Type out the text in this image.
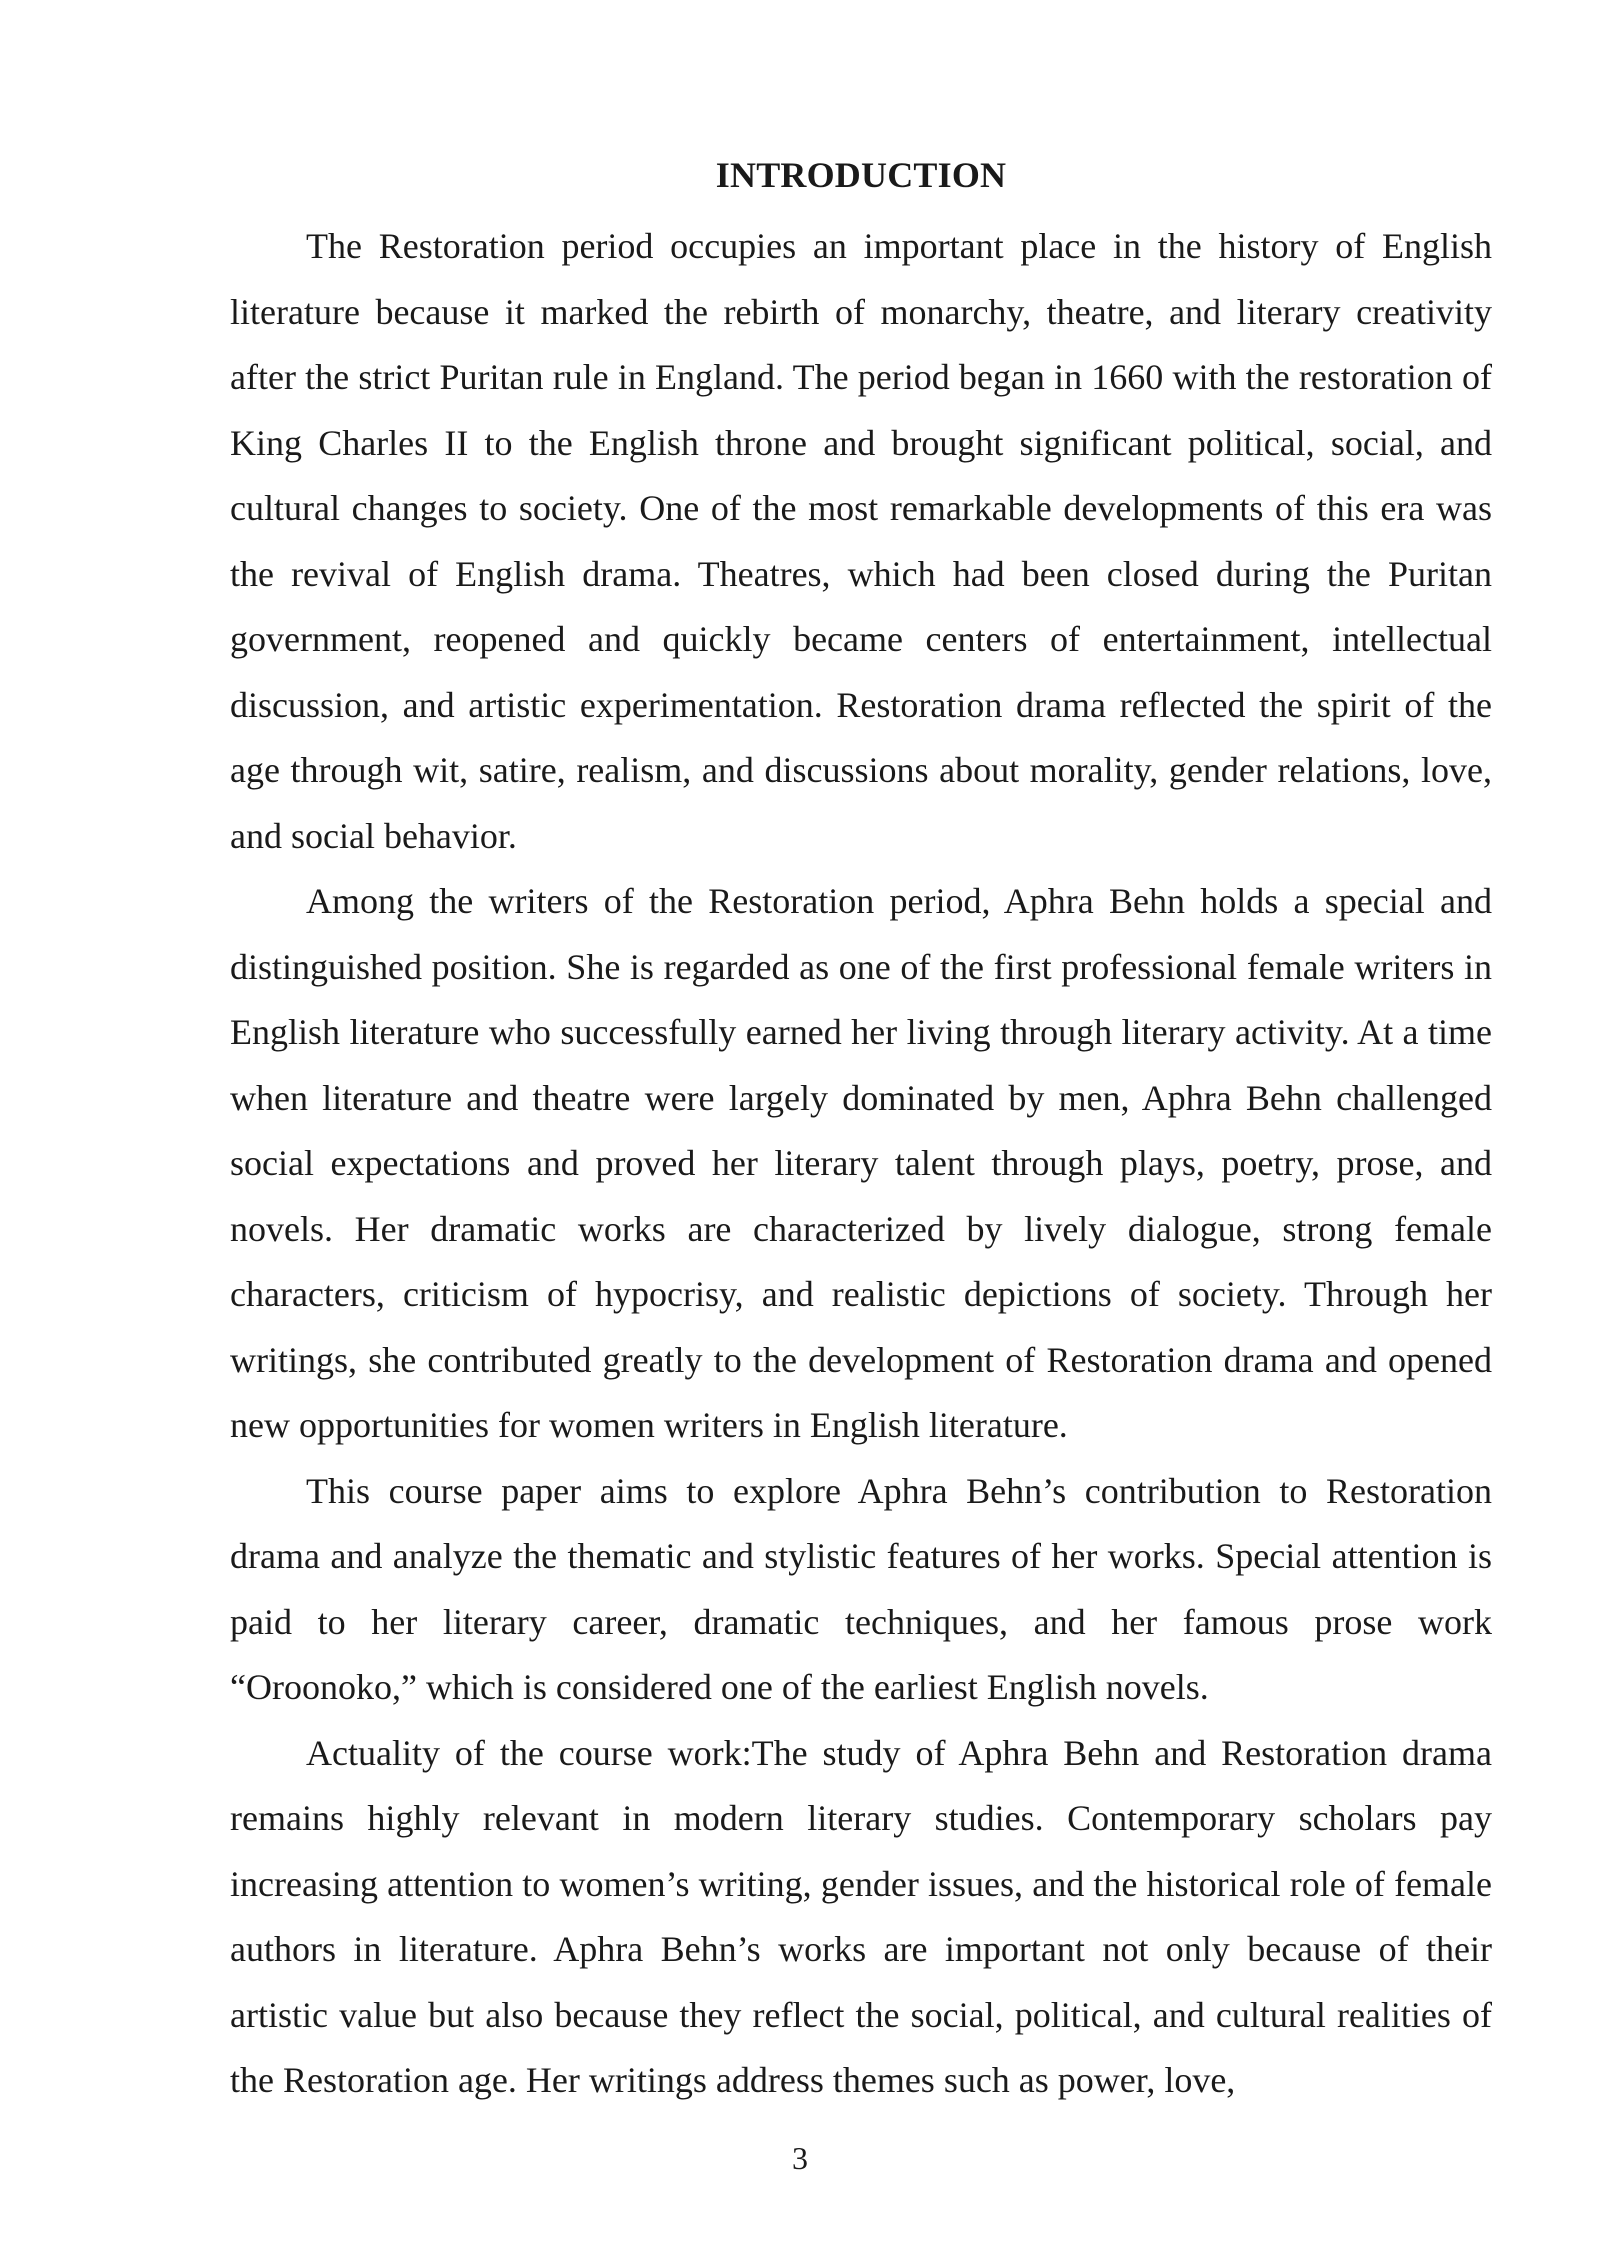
INTRODUCTION

The Restoration period occupies an important place in the history of English literature because it marked the rebirth of monarchy, theatre, and literary creativity after the strict Puritan rule in England. The period began in 1660 with the restoration of King Charles II to the English throne and brought significant political, social, and cultural changes to society. One of the most remarkable developments of this era was the revival of English drama. Theatres, which had been closed during the Puritan government, reopened and quickly became centers of entertainment, intellectual discussion, and artistic experimentation. Restoration drama reflected the spirit of the age through wit, satire, realism, and discussions about morality, gender relations, love, and social behavior.

Among the writers of the Restoration period, Aphra Behn holds a special and distinguished position. She is regarded as one of the first professional female writers in English literature who successfully earned her living through literary activity. At a time when literature and theatre were largely dominated by men, Aphra Behn challenged social expectations and proved her literary talent through plays, poetry, prose, and novels. Her dramatic works are characterized by lively dialogue, strong female characters, criticism of hypocrisy, and realistic depictions of society. Through her writings, she contributed greatly to the development of Restoration drama and opened new opportunities for women writers in English literature.

This course paper aims to explore Aphra Behn’s contribution to Restoration drama and analyze the thematic and stylistic features of her works. Special attention is paid to her literary career, dramatic techniques, and her famous prose work “Oroonoko,” which is considered one of the earliest English novels.

Actuality of the course work:The study of Aphra Behn and Restoration drama remains highly relevant in modern literary studies. Contemporary scholars pay increasing attention to women’s writing, gender issues, and the historical role of female authors in literature. Aphra Behn’s works are important not only because of their artistic value but also because they reflect the social, political, and cultural realities of the Restoration age. Her writings address themes such as power, love,

3
